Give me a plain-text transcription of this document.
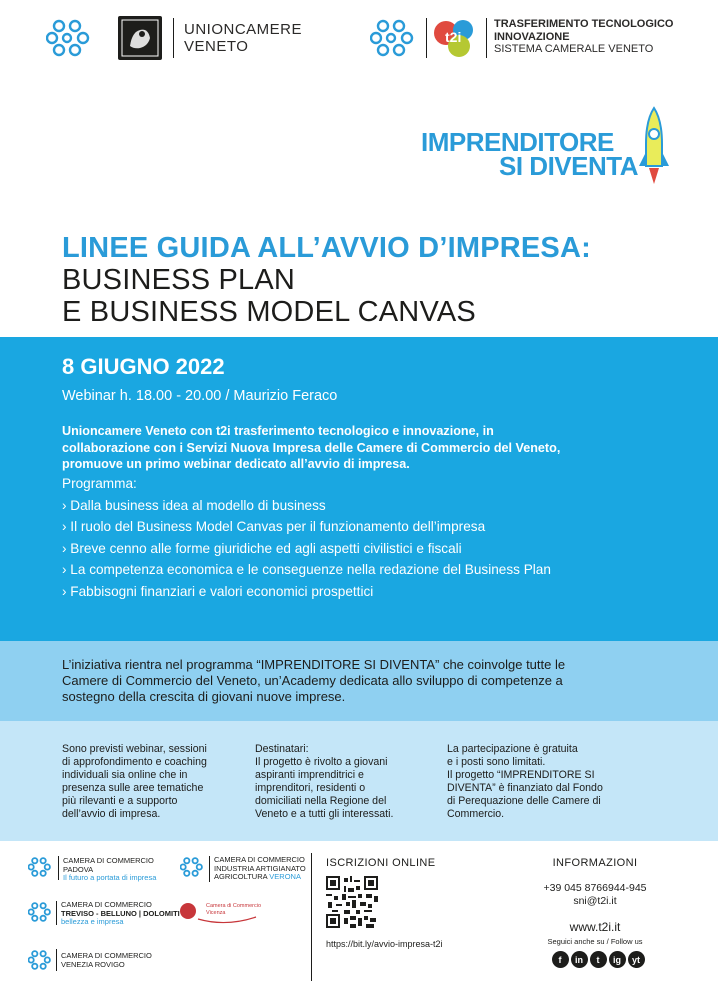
UNIONCAMERE
VENETO
t2i
TRASFERIMENTO TECNOLOGICO
INNOVAZIONE
SISTEMA CAMERALE VENETO
IMPRENDITORE
SI DIVENTA
LINEE GUIDA ALL’AVVIO D’IMPRESA:
BUSINESS PLAN
E BUSINESS MODEL CANVAS
8 GIUGNO 2022
Webinar h. 18.00 - 20.00 / Maurizio Feraco
Unioncamere Veneto con t2i trasferimento tecnologico e innovazione, in
collaborazione con i Servizi Nuova Impresa delle Camere di Commercio del Veneto,
promuove un primo webinar dedicato all’avvio di impresa.
Programma:
› Dalla business idea al modello di business
› Il ruolo del Business Model Canvas per il funzionamento dell’impresa
› Breve cenno alle forme giuridiche ed agli aspetti civilistici e fiscali
› La competenza economica e le conseguenze nella redazione del Business Plan
› Fabbisogni finanziari e valori economici prospettici
L’iniziativa rientra nel programma “IMPRENDITORE SI DIVENTA” che coinvolge tutte le
Camere di Commercio del Veneto, un’Academy dedicata allo sviluppo di competenze a
sostegno della crescita di giovani nuove imprese.
Sono previsti webinar, sessioni
di approfondimento e coaching
individuali sia online che in
presenza sulle aree tematiche
più rilevanti e a supporto
dell’avvio di impresa.
Destinatari:
Il progetto è rivolto a giovani
aspiranti imprenditrici e
imprenditori, residenti o
domiciliati nella Regione del
Veneto e a tutti gli interessati.
La partecipazione è gratuita
e i posti sono limitati.
Il progetto “IMPRENDITORE SI
DIVENTA” è finanziato dal Fondo
di Perequazione delle Camere di
Commercio.
CAMERA DI COMMERCIO
PADOVA
Il futuro a portata di impresa
CAMERA DI COMMERCIO
INDUSTRIA ARTIGIANATO
AGRICOLTURA VERONA
CAMERA DI COMMERCIO
TREVISO - BELLUNO | DOLOMITI
bellezza e impresa
Camera di Commercio
Vicenza
CAMERA DI COMMERCIO
VENEZIA ROVIGO
ISCRIZIONI ONLINE
https://bit.ly/avvio-impresa-t2i
INFORMAZIONI
+39 045 8766944-945
sni@t2i.it
www.t2i.it
Seguici anche su / Follow us
f	in	t	ig	yt
